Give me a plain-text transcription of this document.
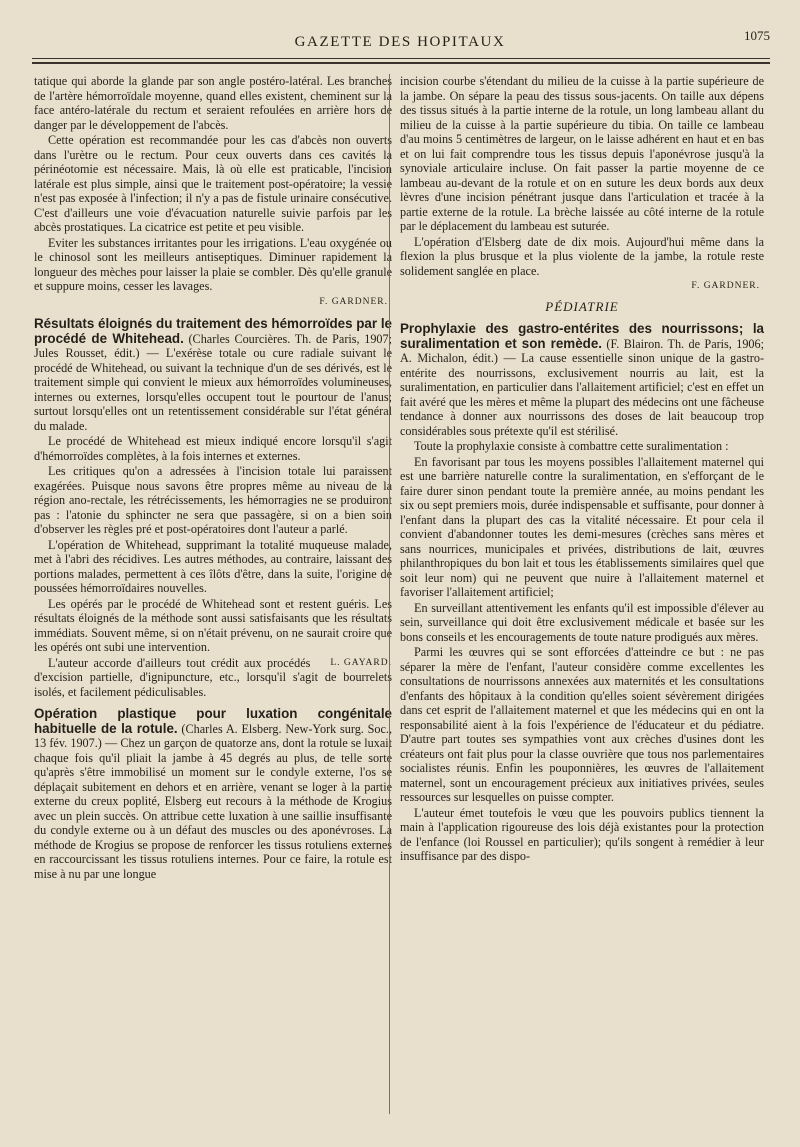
GAZETTE DES HOPITAUX	1075

tatique qui aborde la glande par son angle postéro-latéral. Les branches de l'artère hémorroïdale moyenne, quand elles existent, cheminent sur la face antéro-latérale du rectum et seraient refoulées en arrière hors de danger par le développement de l'abcès.

Cette opération est recommandée pour les cas d'abcès non ouverts dans l'urètre ou le rectum. Pour ceux ouverts dans ces cavités la périnéotomie est nécessaire. Mais, là où elle est praticable, l'incision latérale est plus simple, ainsi que le traitement post-opératoire; la vessie n'est pas exposée à l'infection; il n'y a pas de fistule urinaire consécutive. C'est d'ailleurs une voie d'évacuation naturelle suivie parfois par les abcès prostatiques. La cicatrice est petite et peu visible.

Eviter les substances irritantes pour les irrigations. L'eau oxygénée ou le chinosol sont les meilleurs antiseptiques. Diminuer rapidement la longueur des mèches pour laisser la plaie se combler. Dès qu'elle granule et suppure moins, cesser les lavages.

F. GARDNER.

Résultats éloignés du traitement des hémorroïdes par le procédé de Whitehead. (Charles Courcières. Th. de Paris, 1907; Jules Rousset, édit.) — L'exérèse totale ou cure radiale suivant le procédé de Whitehead, ou suivant la technique d'un de ses dérivés, est le traitement simple qui convient le mieux aux hémorroïdes volumineuses, internes ou externes, lorsqu'elles occupent tout le pourtour de l'anus; surtout lorsqu'elles ont un retentissement considérable sur l'état général du malade.

Le procédé de Whitehead est mieux indiqué encore lorsqu'il s'agit d'hémorroïdes complètes, à la fois internes et externes.

Les critiques qu'on a adressées à l'incision totale lui paraissent exagérées. Puisque nous savons être propres même au niveau de la région ano-rectale, les rétrécissements, les hémorragies ne se produiront pas : l'atonie du sphincter ne sera que passagère, si on a bien soin d'observer les règles pré et post-opératoires dont l'auteur a parlé.

L'opération de Whitehead, supprimant la totalité muqueuse malade, met à l'abri des récidives. Les autres méthodes, au contraire, laissant des portions malades, permettent à ces îlôts d'être, dans la suite, l'origine de poussées hémorroïdaires nouvelles.

Les opérés par le procédé de Whitehead sont et restent guéris. Les résultats éloignés de la méthode sont aussi satisfaisants que les résultats immédiats. Souvent même, si on n'était prévenu, on ne saurait croire que les opérés ont subi une intervention.

L. GAYARD.
L'auteur accorde d'ailleurs tout crédit aux procédés d'excision partielle, d'ignipuncture, etc., lorsqu'il s'agit de bourrelets isolés, et facilement pédiculisables.

Opération plastique pour luxation congénitale habituelle de la rotule. (Charles A. Elsberg. New-York surg. Soc., 13 fév. 1907.) — Chez un garçon de quatorze ans, dont la rotule se luxait chaque fois qu'il pliait la jambe à 45 degrés au plus, de telle sorte qu'après s'être immobilisé un moment sur le condyle externe, l'os se déplaçait subitement en dehors et en arrière, venant se loger à la partie externe du creux poplité, Elsberg eut recours à la méthode de Krogius avec un plein succès. On attribue cette luxation à une saillie insuffisante du condyle externe ou à un défaut des muscles ou des aponévroses. La méthode de Krogius se propose de renforcer les tissus rotuliens externes en raccourcissant les tissus rotuliens internes. Pour ce faire, la rotule est mise à nu par une longue

incision courbe s'étendant du milieu de la cuisse à la partie supérieure de la jambe. On sépare la peau des tissus sous-jacents. On taille aux dépens des tissus situés à la partie interne de la rotule, un long lambeau allant du milieu de la cuisse à la partie supérieure du tibia. On taille ce lambeau d'au moins 5 centimètres de largeur, on le laisse adhérent en haut et en bas et on lui fait comprendre tous les tissus depuis l'aponévrose jusqu'à la synoviale articulaire incluse. On fait passer la partie moyenne de ce lambeau au-devant de la rotule et on en suture les deux bords aux deux lèvres d'une incision pénétrant jusque dans l'articulation et tracée à la partie externe de la rotule. La brèche laissée au côté interne de la rotule par le déplacement du lambeau est suturée.

L'opération d'Elsberg date de dix mois. Aujourd'hui même dans la flexion la plus brusque et la plus violente de la jambe, la rotule reste solidement sanglée en place.

F. GARDNER.
PÉDIATRIE

Prophylaxie des gastro-entérites des nourrissons; la suralimentation et son remède. (F. Blairon. Th. de Paris, 1906; A. Michalon, édit.) — La cause essentielle sinon unique de la gastro-entérite des nourrissons, exclusivement nourris au lait, est la suralimentation, en particulier dans l'allaitement artificiel; c'est en effet un fait avéré que les mères et même la plupart des médecins ont une fâcheuse tendance à donner aux nourrissons des doses de lait beaucoup trop considérables sous prétexte qu'il est stérilisé.

Toute la prophylaxie consiste à combattre cette suralimentation :

En favorisant par tous les moyens possibles l'allaitement maternel qui est une barrière naturelle contre la suralimentation, en s'efforçant de le faire durer sinon pendant toute la première année, au moins pendant les six ou sept premiers mois, durée indispensable et suffisante, pour donner à l'enfant dans la plupart des cas la vitalité nécessaire. Et pour cela il convient d'abandonner toutes les demi-mesures (crèches sans mères et sans nourrices, municipales et privées, distributions de lait, œuvres philanthropiques du bon lait et tous les établissements similaires quel que soit leur nom) qui ne peuvent que nuire à l'allaitement maternel et favoriser l'allaitement artificiel;

En surveillant attentivement les enfants qu'il est impossible d'élever au sein, surveillance qui doit être exclusivement médicale et basée sur les bons conseils et les encouragements de toute nature prodigués aux mères.

Parmi les œuvres qui se sont efforcées d'atteindre ce but : ne pas séparer la mère de l'enfant, l'auteur considère comme excellentes les consultations de nourrissons annexées aux maternités et les consultations d'enfants des hôpitaux à la condition qu'elles soient sévèrement dirigées dans cet esprit de l'allaitement maternel et que les médecins qui en ont la responsabilité aient à la fois l'expérience de l'éducateur et du pédiatre. D'autre part toutes ses sympathies vont aux crèches d'usines dont les créateurs ont fait plus pour la classe ouvrière que tous nos parlementaires socialistes réunis. Enfin les pouponnières, les œuvres de l'allaitement maternel, sont un encouragement précieux aux initiatives privées, seules ressources sur lesquelles on puisse compter.

L'auteur émet toutefois le vœu que les pouvoirs publics tiennent la main à l'application rigoureuse des lois déjà existantes pour la protection de l'enfance (loi Roussel en particulier); qu'ils songent à remédier à leur insuffisance par des dispo-
